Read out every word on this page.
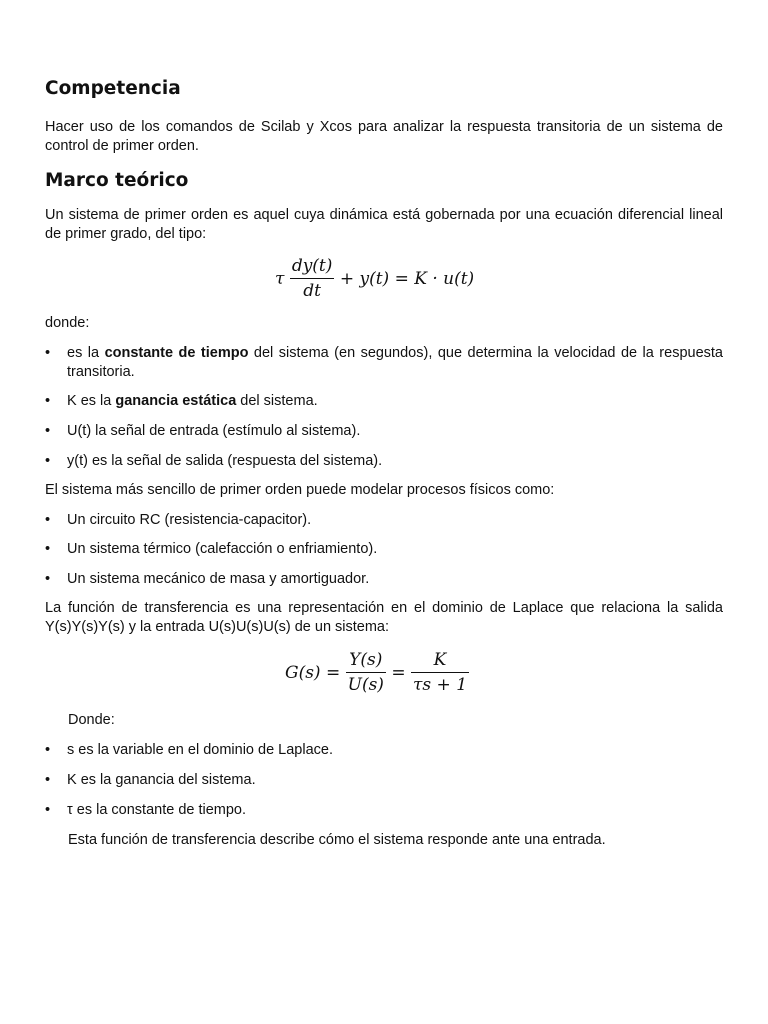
Competencia

Hacer uso de los comandos de Scilab y Xcos para analizar la respuesta transitoria de un sistema de control de primer orden.

Marco teórico

Un sistema de primer orden es aquel cuya dinámica está gobernada por una ecuación diferencial lineal de primer grado, del tipo:

τ $\frac{dy(t)}{dt} + y(t) = K \cdot u(t)$

donde:

• es la constante de tiempo del sistema (en segundos), que determina la velocidad de la respuesta transitoria.
• K es la ganancia estática del sistema.
• U(t) la señal de entrada (estímulo al sistema).
• y(t) es la señal de salida (respuesta del sistema).

El sistema más sencillo de primer orden puede modelar procesos físicos como:

• Un circuito RC (resistencia-capacitor).
• Un sistema térmico (calefacción o enfriamiento).
• Un sistema mecánico de masa y amortiguador.

La función de transferencia es una representación en el dominio de Laplace que relaciona la salida Y(s)Y(s)Y(s) y la entrada U(s)U(s)U(s) de un sistema:

$G(s) = \frac{Y(s)}{U(s)} = \frac{K}{\tau s + 1}$

Donde:

• s es la variable en el dominio de Laplace.
• K es la ganancia del sistema.
• τ es la constante de tiempo.

Esta función de transferencia describe cómo el sistema responde ante una entrada.
